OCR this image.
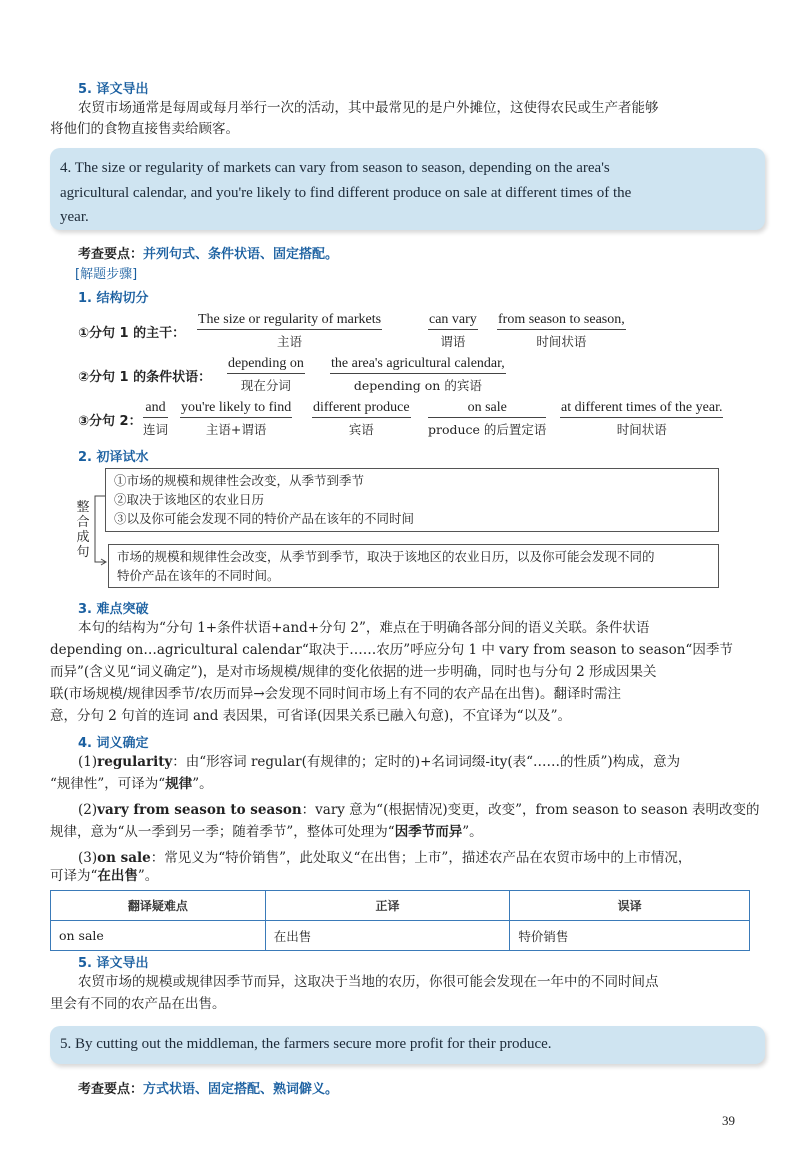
5. 译文导出
农贸市场通常是每周或每月举行一次的活动，其中最常见的是户外摊位，这使得农民或生产者能够
将他们的食物直接售卖给顾客。
4. The size or regularity of markets can vary from season to season, depending on the area's
agricultural calendar, and you're likely to find different produce on sale at different times of the
year.
考查要点：并列句式、条件状语、固定搭配。
[解题步骤]
1. 结构切分
①分句 1 的主干：
The size or regularity of markets
主语
can vary
谓语
from season to season,
时间状语
②分句 1 的条件状语：
depending on
现在分词
the area's agricultural calendar,
depending on 的宾语
③分句 2：
and
连词
you're likely to find
主语+谓语
different produce
宾语
on sale
produce 的后置定语
at different times of the year.
时间状语
2. 初译试水
①市场的规模和规律性会改变，从季节到季节
②取决于该地区的农业日历
③以及你可能会发现不同的特价产品在该年的不同时间
整合成句 市场的规模和规律性会改变，从季节到季节，取决于该地区的农业日历，以及你可能会发现不同的
特价产品在该年的不同时间。
3. 难点突破
本句的结构为“分句 1+条件状语+and+分句 2”，难点在于明确各部分间的语义关联。条件状语
depending on…agricultural calendar“取决于……农历”呼应分句 1 中 vary from season to season“因季节
而异”(含义见“词义确定”)，是对市场规模/规律的变化依据的进一步明确，同时也与分句 2 形成因果关
联(市场规模/规律因季节/农历而异→会发现不同时间市场上有不同的农产品在出售)。翻译时需注
意，分句 2 句首的连词 and 表因果，可省译(因果关系已融入句意)，不宜译为“以及”。
4. 词义确定
(1)regularity：由“形容词 regular(有规律的；定时的)+名词词缀-ity(表“……的性质”)构成，意为
“规律性”，可译为“规律”。
(2)vary from season to season：vary 意为“(根据情况)变更，改变”，from season to season 表明改变的
规律，意为“从一季到另一季；随着季节”，整体可处理为“因季节而异”。
(3)on sale：常见义为“特价销售”，此处取义“在出售；上市”，描述农产品在农贸市场中的上市情况，
可译为“在出售”。
翻译疑难点	正译	误译
on sale	在出售	特价销售
5. 译文导出
农贸市场的规模或规律因季节而异，这取决于当地的农历，你很可能会发现在一年中的不同时间点
里会有不同的农产品在出售。
5. By cutting out the middleman, the farmers secure more profit for their produce.
考查要点：方式状语、固定搭配、熟词僻义。
39
